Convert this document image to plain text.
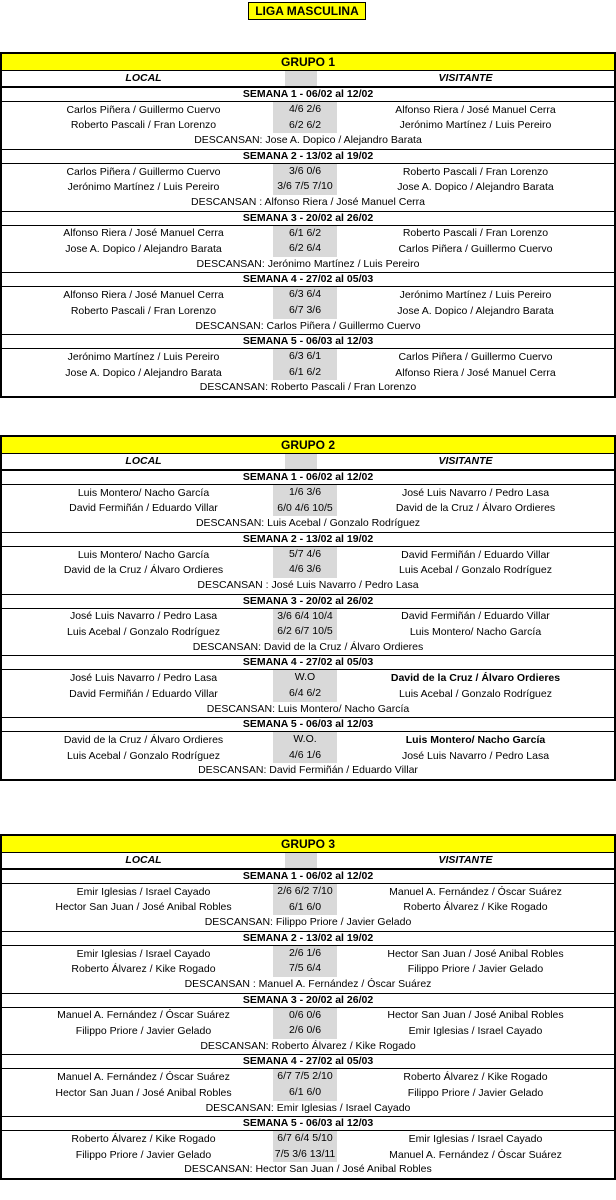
LIGA MASCULINA
GRUPO 1
LOCAL	VISITANTE
SEMANA 1 - 06/02 al 12/02
Carlos Piñera / Guillermo Cuervo	4/6 2/6	Alfonso Riera / José Manuel Cerra
Roberto Pascali / Fran Lorenzo	6/2 6/2	Jerónimo Martínez / Luis Pereiro
DESCANSAN: Jose A. Dopico / Alejandro Barata
SEMANA 2 - 13/02 al 19/02
Carlos Piñera / Guillermo Cuervo	3/6 0/6	Roberto Pascali / Fran Lorenzo
Jerónimo Martínez / Luis Pereiro	3/6 7/5 7/10	Jose A. Dopico / Alejandro Barata
DESCANSAN : Alfonso Riera / José Manuel Cerra
SEMANA 3 - 20/02 al 26/02
Alfonso Riera / José Manuel Cerra	6/1 6/2	Roberto Pascali / Fran Lorenzo
Jose A. Dopico / Alejandro Barata	6/2 6/4	Carlos Piñera / Guillermo Cuervo
DESCANSAN: Jerónimo Martínez / Luis Pereiro
SEMANA 4 - 27/02 al 05/03
Alfonso Riera / José Manuel Cerra	6/3 6/4	Jerónimo Martínez / Luis Pereiro
Roberto Pascali / Fran Lorenzo	6/7 3/6	Jose A. Dopico / Alejandro Barata
DESCANSAN: Carlos Piñera / Guillermo Cuervo
SEMANA 5 - 06/03 al 12/03
Jerónimo Martínez / Luis Pereiro	6/3 6/1	Carlos Piñera / Guillermo Cuervo
Jose A. Dopico / Alejandro Barata	6/1 6/2	Alfonso Riera / José Manuel Cerra
DESCANSAN: Roberto Pascali / Fran Lorenzo
GRUPO 2
LOCAL	VISITANTE
SEMANA 1 - 06/02 al 12/02
Luis Montero/ Nacho García	1/6 3/6	José Luis Navarro / Pedro Lasa
David Fermiñán / Eduardo Villar	6/0 4/6 10/5	David de la Cruz / Álvaro Ordieres
DESCANSAN: Luis Acebal / Gonzalo Rodríguez
SEMANA 2 - 13/02 al 19/02
Luis Montero/ Nacho García	5/7 4/6	David Fermiñán / Eduardo Villar
David de la Cruz / Álvaro Ordieres	4/6 3/6	Luis Acebal / Gonzalo Rodríguez
DESCANSAN : José Luis Navarro / Pedro Lasa
SEMANA 3 - 20/02 al 26/02
José Luis Navarro / Pedro Lasa	3/6 6/4 10/4	David Fermiñán / Eduardo Villar
Luis Acebal / Gonzalo Rodríguez	6/2 6/7 10/5	Luis Montero/ Nacho García
DESCANSAN: David de la Cruz / Álvaro Ordieres
SEMANA 4 - 27/02 al 05/03
José Luis Navarro / Pedro Lasa	W.O	David de la Cruz / Álvaro Ordieres
David Fermiñán / Eduardo Villar	6/4 6/2	Luis Acebal / Gonzalo Rodríguez
DESCANSAN: Luis Montero/ Nacho García
SEMANA 5 - 06/03 al 12/03
David de la Cruz / Álvaro Ordieres	W.O.	Luis Montero/ Nacho García
Luis Acebal / Gonzalo Rodríguez	4/6 1/6	José Luis Navarro / Pedro Lasa
DESCANSAN: David Fermiñán / Eduardo Villar
GRUPO 3
LOCAL	VISITANTE
SEMANA 1 - 06/02 al 12/02
Emir Iglesias / Israel Cayado	2/6 6/2 7/10	Manuel A. Fernández / Óscar Suárez
Hector San Juan / José Anibal Robles	6/1 6/0	Roberto Álvarez / Kike Rogado
DESCANSAN: Filippo Priore / Javier Gelado
SEMANA 2 - 13/02 al 19/02
Emir Iglesias / Israel Cayado	2/6 1/6	Hector San Juan / José Anibal Robles
Roberto Álvarez / Kike Rogado	7/5 6/4	Filippo Priore / Javier Gelado
DESCANSAN : Manuel A. Fernández / Óscar Suárez
SEMANA 3 - 20/02 al 26/02
Manuel A. Fernández / Óscar Suárez	0/6 0/6	Hector San Juan / José Anibal Robles
Filippo Priore / Javier Gelado	2/6 0/6	Emir Iglesias / Israel Cayado
DESCANSAN: Roberto Álvarez / Kike Rogado
SEMANA 4 - 27/02 al 05/03
Manuel A. Fernández / Óscar Suárez	6/7 7/5 2/10	Roberto Álvarez / Kike Rogado
Hector San Juan / José Anibal Robles	6/1 6/0	Filippo Priore / Javier Gelado
DESCANSAN: Emir Iglesias / Israel Cayado
SEMANA 5 - 06/03 al 12/03
Roberto Álvarez / Kike Rogado	6/7 6/4 5/10	Emir Iglesias / Israel Cayado
Filippo Priore / Javier Gelado	7/5 3/6 13/11	Manuel A. Fernández / Óscar Suárez
DESCANSAN: Hector San Juan / José Anibal Robles
